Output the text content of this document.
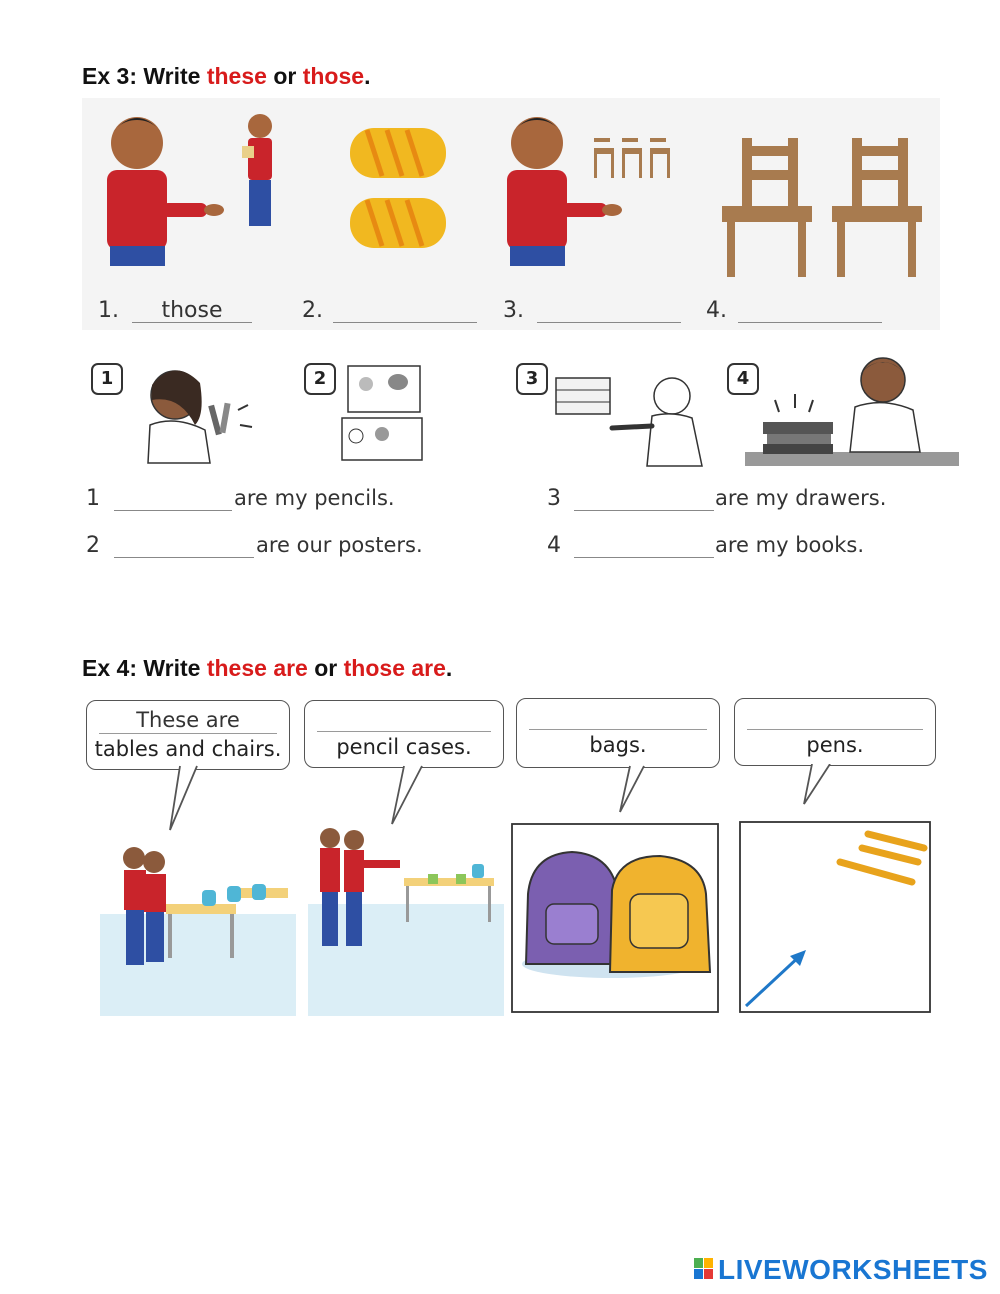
Ex 3: Write these or those.
1.
those	2.	3.	4.
1	2	3	4
1	are my pencils.
2	are our posters.
3	are my drawers.
4	are my books.
Ex 4: Write these are or those are.
These are
tables and chairs.	pencil cases.	bags.	pens.
LIVEWORKSHEETS
